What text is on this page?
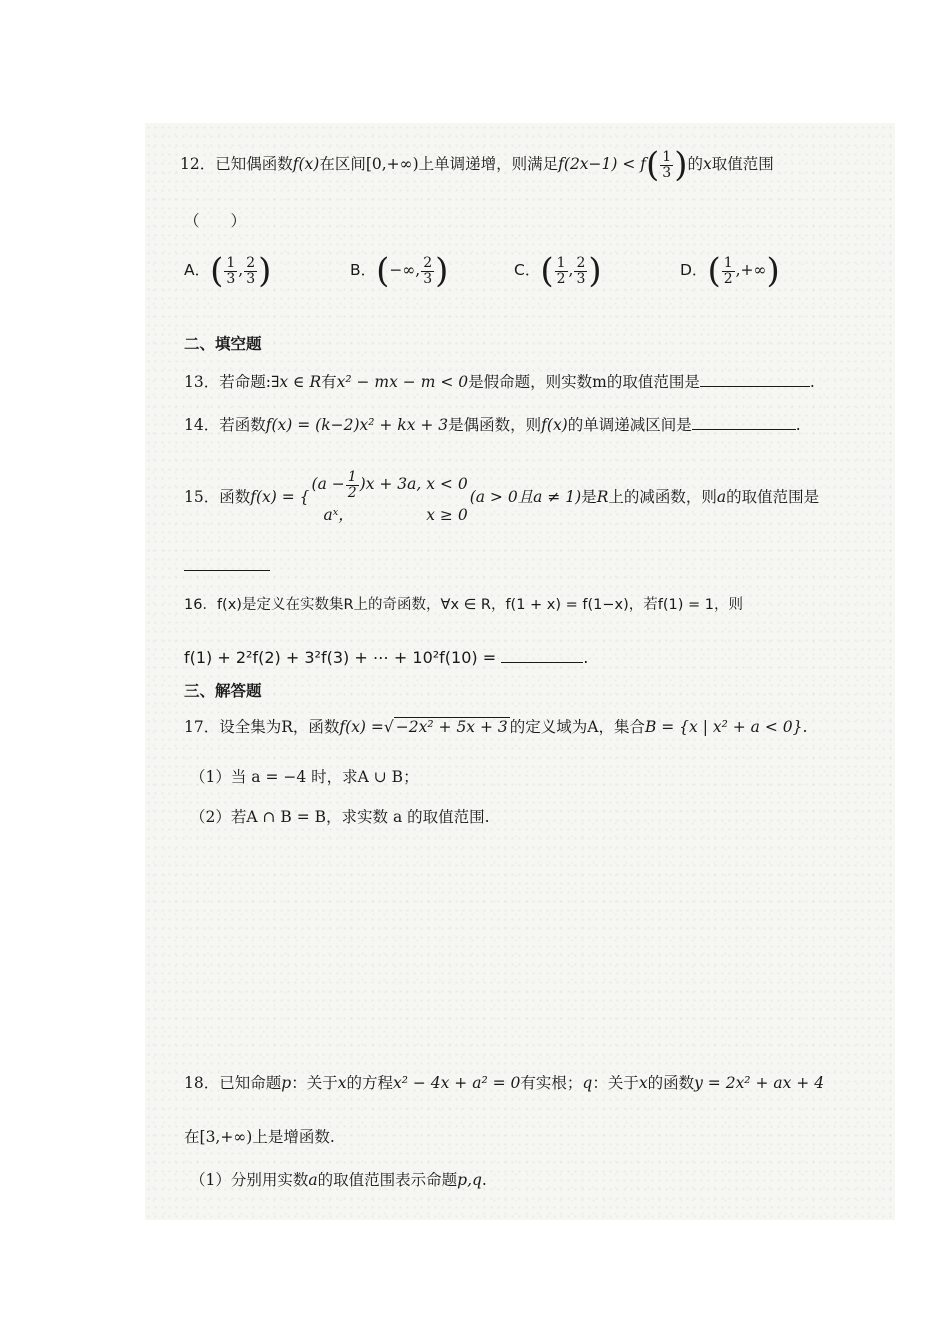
12．已知偶函数f(x)在区间[0,+∞)上单调递增，则满足$f(2x-1) < f( \frac{1}{3}$ )的x取值范围
（　　）
A．( $\frac{1}{3}$ , $\frac{2}{3}$ )	B．(−∞, $\frac{2}{3}$ )	C．( $\frac{1}{2}$ , $\frac{2}{3}$ )	D．( $\frac{1}{2}$ ,+∞)
二、填空题
13．若命题:∃x ∈ R有x² − mx − m < 0是假命题，则实数m的取值范围是	.
14．若函数f(x) = (k−2)x² + kx + 3是偶函数，则f(x)的单调递减区间是	.
15． 函数 f(x) = {
$(a - \frac{1}{2} )x + 3a$, x < 0
aˣ，	x ≥ 0
(a > 0且a ≠ 1) 是 R 上的减函数，则 a 的取值范围是
16．f(x)是定义在实数集R上的奇函数，∀x ∈ R，f(1 + x) = f(1−x)，若f(1) = 1，则
f(1) + 2²f(2) + 3²f(3) + ⋯ + 10²f(10) =	.
三、解答题
17．设全集为R，函数f(x) =√ −2x² + 5x + 3 的定义域为A，集合B = {x | x² + a < 0}.
（1）当 a = −4 时，求A ∪ B；
（2）若A ∩ B = B，求实数 a 的取值范围.
18．已知命题p：关于x的方程x² − 4x + a² = 0有实根；q：关于x的函数y = 2x² + ax + 4
在[3,+∞)上是增函数.
（1）分别用实数a的取值范围表示命题p,q.
